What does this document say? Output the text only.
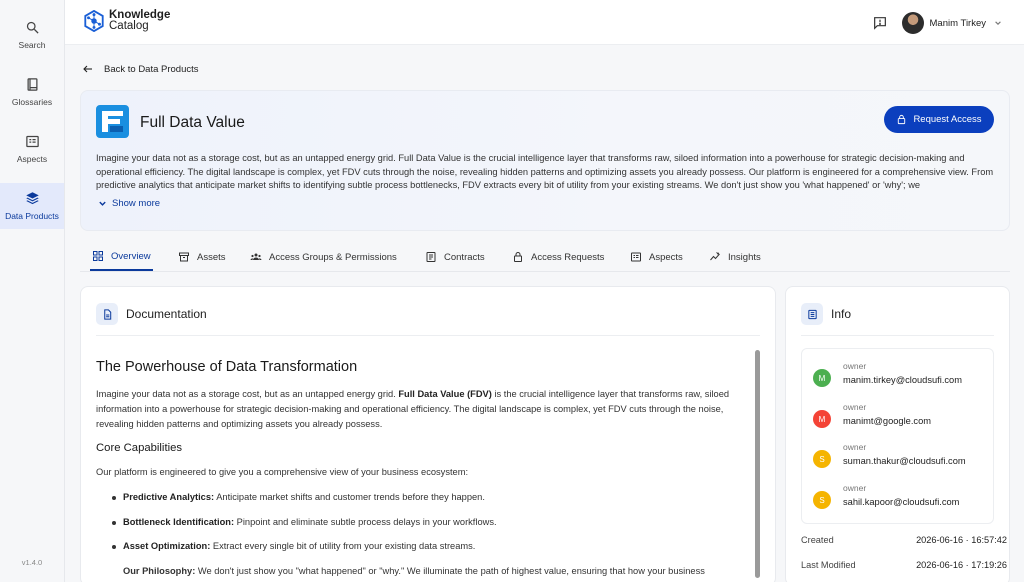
Search
Glossaries
Aspects
Data Products
v1.4.0
Knowledge
Catalog	Manim Tirkey
Back to Data Products
Full Data Value	Request Access
Imagine your data not as a storage cost, but as an untapped energy grid. Full Data Value is the crucial intelligence layer that transforms raw, siloed information into a powerhouse for strategic decision-making and operational efficiency. The digital landscape is complex, yet FDV cuts through the noise, revealing hidden patterns and optimizing assets you already possess. Our platform is engineered for a comprehensive view. From predictive analytics that anticipate market shifts to identifying subtle process bottlenecks, FDV extracts every bit of utility from your existing streams. We don't just show you 'what happened' or 'why'; we
Show more
Overview	Assets	Access Groups & Permissions	Contracts	Access Requests	Aspects	Insights
Documentation
The Powerhouse of Data Transformation

Imagine your data not as a storage cost, but as an untapped energy grid. Full Data Value (FDV) is the crucial intelligence layer that transforms raw, siloed information into a powerhouse for strategic decision-making and operational efficiency. The digital landscape is complex, yet FDV cuts through the noise, revealing hidden patterns and optimizing assets you already possess.

Core Capabilities

Our platform is engineered to give you a comprehensive view of your business ecosystem:

Predictive Analytics: Anticipate market shifts and customer trends before they happen.
Bottleneck Identification: Pinpoint and eliminate subtle process delays in your workflows.
Asset Optimization: Extract every single bit of utility from your existing data streams.

Our Philosophy: We don't just show you "what happened" or "why." We illuminate the path of highest value, ensuring that how your business

Info
M
owner
manim.tirkey@cloudsufi.com
M
owner
manimt@google.com
S
owner
suman.thakur@cloudsufi.com
S
owner
sahil.kapoor@cloudsufi.com
Created	2026-06-16 · 16:57:42
Last Modified	2026-06-16 · 17:19:26
